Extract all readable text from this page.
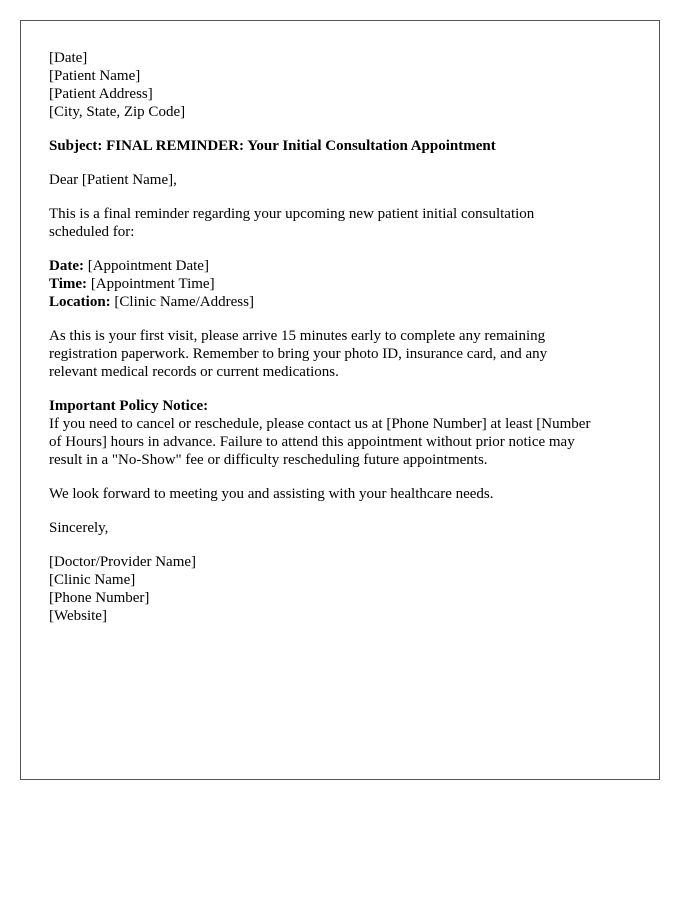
[Date]
[Patient Name]
[Patient Address]
[City, State, Zip Code]
Subject: FINAL REMINDER: Your Initial Consultation Appointment
Dear [Patient Name],
This is a final reminder regarding your upcoming new patient initial consultation
scheduled for:
Date: [Appointment Date]
Time: [Appointment Time]
Location: [Clinic Name/Address]
As this is your first visit, please arrive 15 minutes early to complete any remaining
registration paperwork. Remember to bring your photo ID, insurance card, and any
relevant medical records or current medications.
Important Policy Notice:
If you need to cancel or reschedule, please contact us at [Phone Number] at least [Number
of Hours] hours in advance. Failure to attend this appointment without prior notice may
result in a "No-Show" fee or difficulty rescheduling future appointments.
We look forward to meeting you and assisting with your healthcare needs.
Sincerely,
[Doctor/Provider Name]
[Clinic Name]
[Phone Number]
[Website]
